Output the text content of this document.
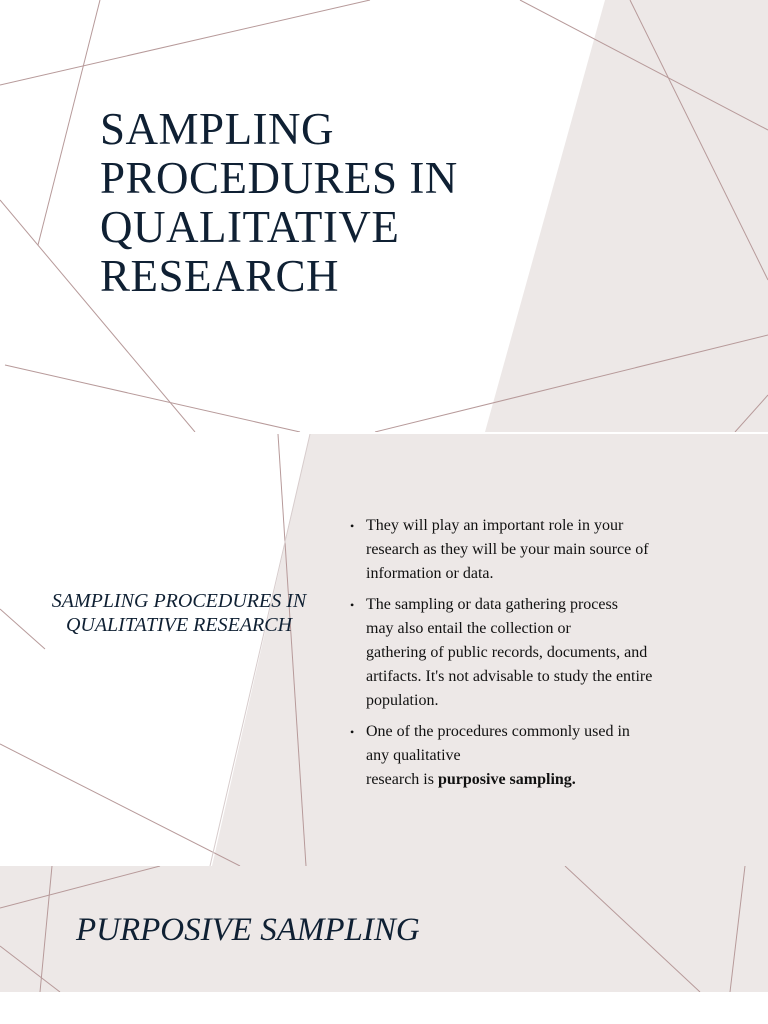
SAMPLING
PROCEDURES IN
QUALITATIVE
RESEARCH
SAMPLING PROCEDURES IN
QUALITATIVE RESEARCH
• They will play an important role in your
research as they will be your main source of
information or data.
• The sampling or data gathering process
may also entail the collection or
gathering of public records, documents, and
artifacts. It's not advisable to study the entire
population.
• One of the procedures commonly used in
any qualitative
research is purposive sampling.
PURPOSIVE SAMPLING
